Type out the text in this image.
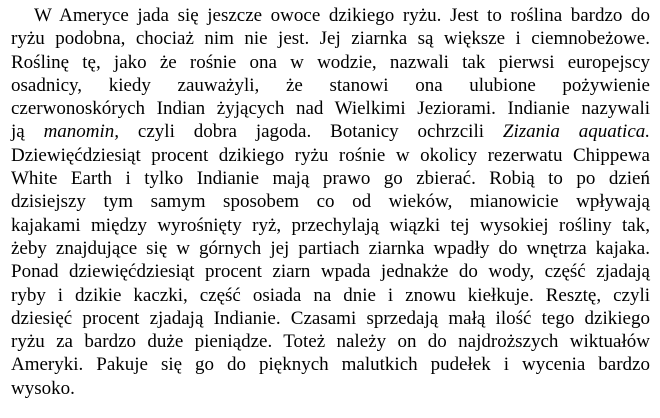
W Ameryce jada się jeszcze owoce dzikiego ryżu. Jest to roślina bardzo do
ryżu podobna, chociaż nim nie jest. Jej ziarnka są większe i ciemnobeżowe.
Roślinę tę, jako że rośnie ona w wodzie, nazwali tak pierwsi europejscy
osadnicy, kiedy zauważyli, że stanowi ona ulubione pożywienie
czerwonoskórych Indian żyjących nad Wielkimi Jeziorami. Indianie nazywali
ją manomin, czyli dobra jagoda. Botanicy ochrzcili Zizania aquatica.
Dziewięćdziesiąt procent dzikiego ryżu rośnie w okolicy rezerwatu Chippewa
White Earth i tylko Indianie mają prawo go zbierać. Robią to po dzień
dzisiejszy tym samym sposobem co od wieków, mianowicie wpływają
kajakami między wyrośnięty ryż, przechylają wiązki tej wysokiej rośliny tak,
żeby znajdujące się w górnych jej partiach ziarnka wpadły do wnętrza kajaka.
Ponad dziewięćdziesiąt procent ziarn wpada jednakże do wody, część zjadają
ryby i dzikie kaczki, część osiada na dnie i znowu kiełkuje. Resztę, czyli
dziesięć procent zjadają Indianie. Czasami sprzedają małą ilość tego dzikiego
ryżu za bardzo duże pieniądze. Toteż należy on do najdroższych wiktuałów
Ameryki. Pakuje się go do pięknych malutkich pudełek i wycenia bardzo
wysoko.
